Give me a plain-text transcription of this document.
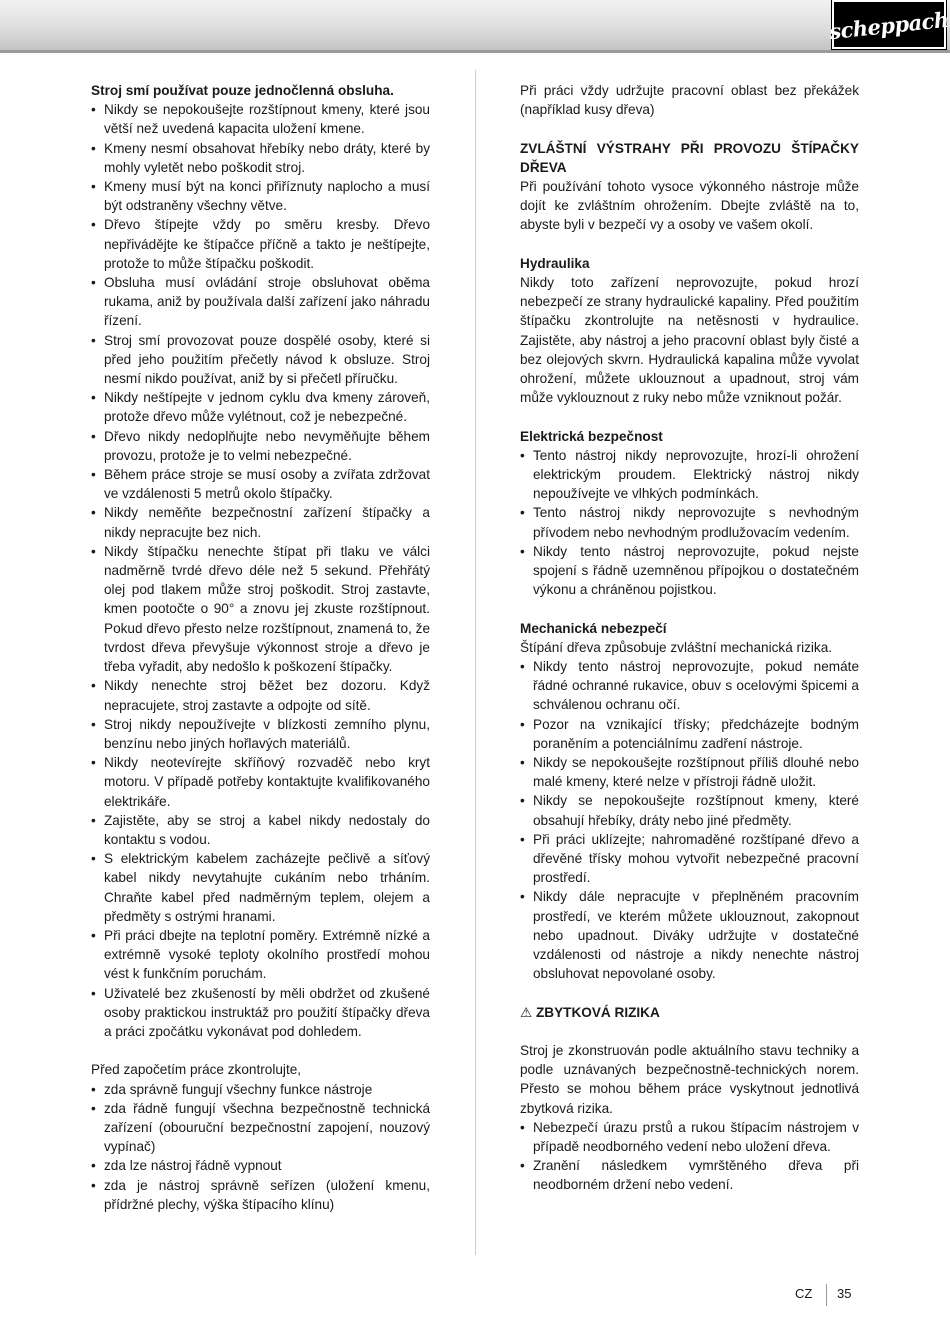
scheppach

Stroj smí používat pouze jednočlenná obsluha.

• Nikdy se nepokoušejte rozštípnout kmeny, které jsou větší než uvedená kapacita uložení kmene.
• Kmeny nesmí obsahovat hřebíky nebo dráty, které by mohly vyletět nebo poškodit stroj.
• Kmeny musí být na konci přiříznuty naplocho a musí být odstraněny všechny větve.
• Dřevo štípejte vždy po směru kresby. Dřevo nepřivádějte ke štípačce příčně a takto je neštípejte, protože to může štípačku poškodit.
• Obsluha musí ovládání stroje obsluhovat oběma rukama, aniž by používala další zařízení jako náhradu řízení.
• Stroj smí provozovat pouze dospělé osoby, které si před jeho použitím přečetly návod k obsluze. Stroj nesmí nikdo používat, aniž by si přečetl příručku.
• Nikdy neštípejte v jednom cyklu dva kmeny zároveň, protože dřevo může vylétnout, což je nebezpečné.
• Dřevo nikdy nedoplňujte nebo nevyměňujte během provozu, protože je to velmi nebezpečné.
• Během práce stroje se musí osoby a zvířata zdržovat ve vzdálenosti 5 metrů okolo štípačky.
• Nikdy neměňte bezpečnostní zařízení štípačky a nikdy nepracujte bez nich.
• Nikdy štípačku nenechte štípat při tlaku ve válci nadměrně tvrdé dřevo déle než 5 sekund. Přehřátý olej pod tlakem může stroj poškodit. Stroj zastavte, kmen pootočte o 90° a znovu jej zkuste rozštípnout. Pokud dřevo přesto nelze rozštípnout, znamená to, že tvrdost dřeva převyšuje výkonnost stroje a dřevo je třeba vyřadit, aby nedošlo k poškození štípačky.
• Nikdy nenechte stroj běžet bez dozoru. Když nepracujete, stroj zastavte a odpojte od sítě.
• Stroj nikdy nepoužívejte v blízkosti zemního plynu, benzínu nebo jiných hořlavých materiálů.
• Nikdy neotevírejte skříňový rozvaděč nebo kryt motoru. V případě potřeby kontaktujte kvalifikovaného elektrikáře.
• Zajistěte, aby se stroj a kabel nikdy nedostaly do kontaktu s vodou.
• S elektrickým kabelem zacházejte pečlivě a síťový kabel nikdy nevytahujte cukáním nebo trháním. Chraňte kabel před nadměrným teplem, olejem a předměty s ostrými hranami.
• Při práci dbejte na teplotní poměry. Extrémně nízké a extrémně vysoké teploty okolního prostředí mohou vést k funkčním poruchám.
• Uživatelé bez zkušeností by měli obdržet od zkušené osoby praktickou instruktáž pro použití štípačky dřeva a práci zpočátku vykonávat pod dohledem.

Před započetím práce zkontrolujte,

• zda správně fungují všechny funkce nástroje
• zda řádně fungují všechna bezpečnostně technická zařízení (obouruční bezpečnostní zapojení, nouzový vypínač)
• zda lze nástroj řádně vypnout
• zda je nástroj správně seřízen (uložení kmenu, přídržné plechy, výška štípacího klínu)

Při práci vždy udržujte pracovní oblast bez překážek (například kusy dřeva)

ZVLÁŠTNÍ VÝSTRAHY PŘI PROVOZU ŠTÍPAČKY DŘEVA

Při používání tohoto vysoce výkonného nástroje může dojít ke zvláštním ohrožením. Dbejte zvláště na to, abyste byli v bezpečí vy a osoby ve vašem okolí.

Hydraulika

Nikdy toto zařízení neprovozujte, pokud hrozí nebezpečí ze strany hydraulické kapaliny. Před použitím štípačku zkontrolujte na netěsnosti v hydraulice. Zajistěte, aby nástroj a jeho pracovní oblast byly čisté a bez olejových skvrn. Hydraulická kapalina může vyvolat ohrožení, můžete uklouznout a upadnout, stroj vám může vyklouznout z ruky nebo může vzniknout požár.

Elektrická bezpečnost

• Tento nástroj nikdy neprovozujte, hrozí-li ohrožení elektrickým proudem. Elektrický nástroj nikdy nepoužívejte ve vlhkých podmínkách.
• Tento nástroj nikdy neprovozujte s nevhodným přívodem nebo nevhodným prodlužovacím vedením.
• Nikdy tento nástroj neprovozujte, pokud nejste spojení s řádně uzemněnou přípojkou o dostatečném výkonu a chráněnou pojistkou.

Mechanická nebezpečí

Štípání dřeva způsobuje zvláštní mechanická rizika.

• Nikdy tento nástroj neprovozujte, pokud nemáte řádné ochranné rukavice, obuv s ocelovými špicemi a schválenou ochranu očí.
• Pozor na vznikající třísky; předcházejte bodným poraněním a potenciálnímu zadření nástroje.
• Nikdy se nepokoušejte rozštípnout příliš dlouhé nebo malé kmeny, které nelze v přístroji řádně uložit.
• Nikdy se nepokoušejte rozštípnout kmeny, které obsahují hřebíky, dráty nebo jiné předměty.
• Při práci uklízejte; nahromaděné rozštípané dřevo a dřevěné třísky mohou vytvořit nebezpečné pracovní prostředí.
• Nikdy dále nepracujte v přeplněném pracovním prostředí, ve kterém můžete uklouznout, zakopnout nebo upadnout. Diváky udržujte v dostatečné vzdálenosti od nástroje a nikdy nenechte nástroj obsluhovat nepovolané osoby.

⚠ ZBYTKOVÁ RIZIKA

Stroj je zkonstruován podle aktuálního stavu techniky a podle uznávaných bezpečnostně-technických norem. Přesto se mohou během práce vyskytnout jednotlivá zbytková rizika.

• Nebezpečí úrazu prstů a rukou štípacím nástrojem v případě neodborného vedení nebo uložení dřeva.
• Zranění následkem vymrštěného dřeva při neodborném držení nebo vedení.
CZ 35
